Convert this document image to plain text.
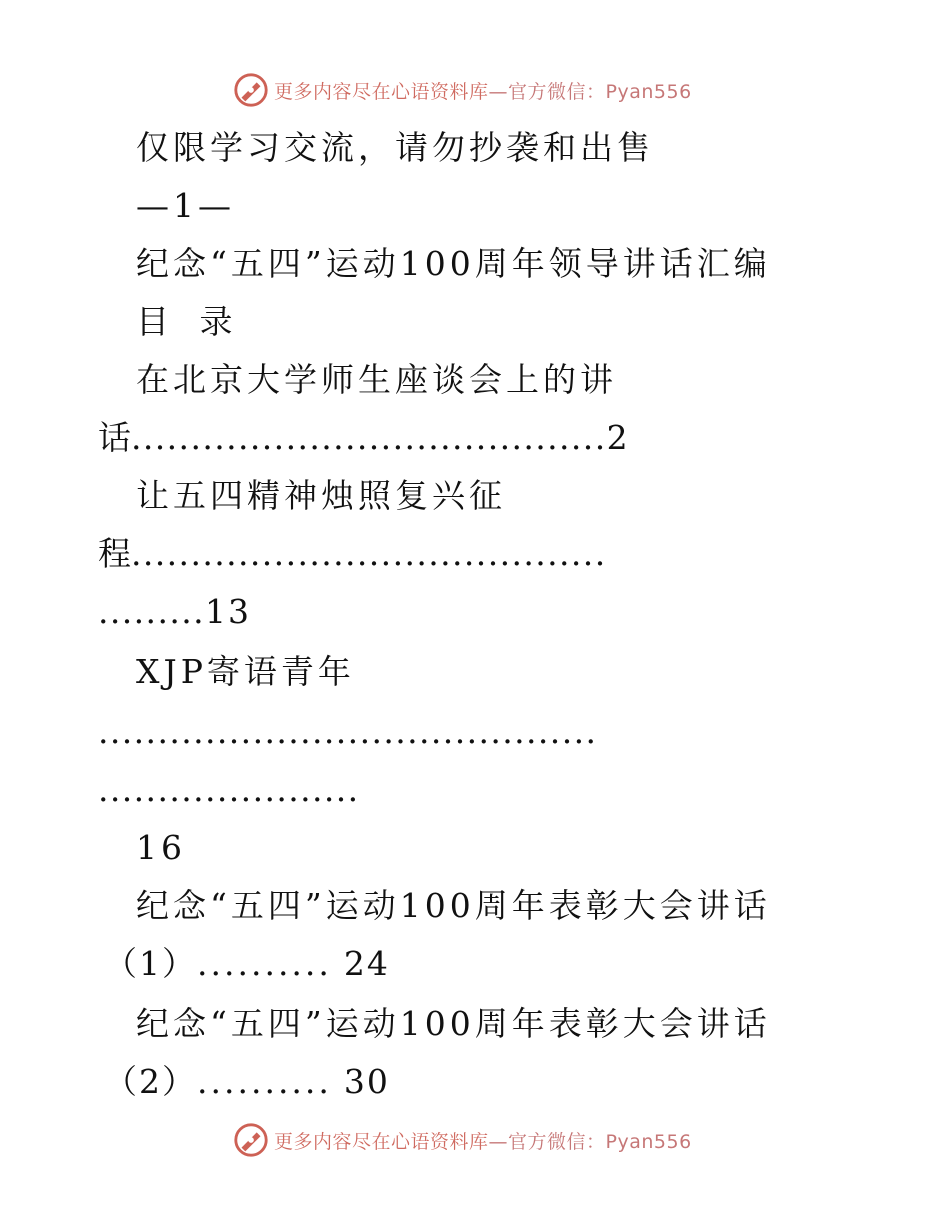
更多内容尽在心语资料库—官方微信：Pyan556
仅限学习交流，请勿抄袭和出售
—1—
纪念“五四”运动100周年领导讲话汇编
目 录
在北京大学师生座谈会上的讲
话........................................2
让五四精神烛照复兴征
程........................................
.........13
XJP寄语青年
..........................................
......................
16
纪念“五四”运动100周年表彰大会讲话
（1）.......... 24
纪念“五四”运动100周年表彰大会讲话
（2）.......... 30
更多内容尽在心语资料库—官方微信：Pyan556
